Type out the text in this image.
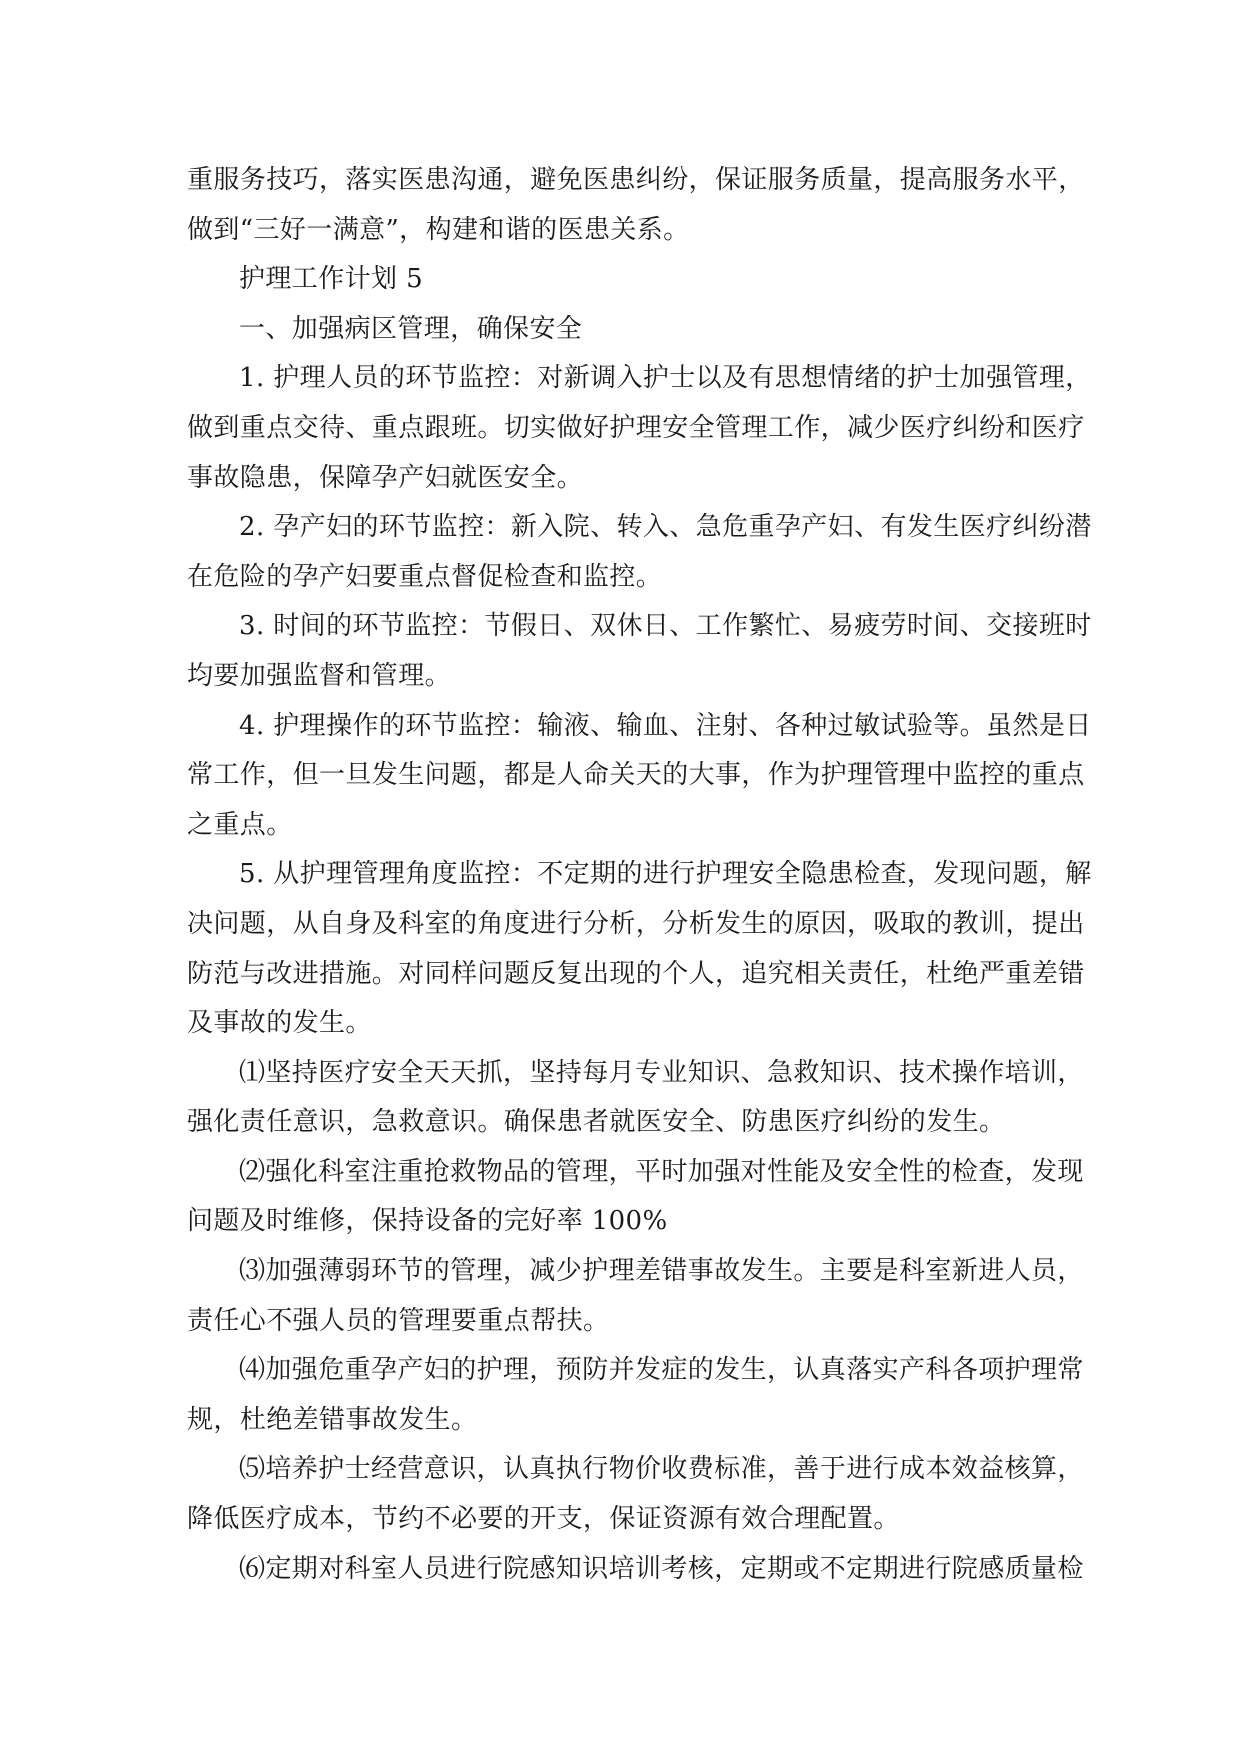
重服务技巧，落实医患沟通，避免医患纠纷，保证服务质量，提高服务水平，
做到“三好一满意”，构建和谐的医患关系。
护理工作计划 5
一、加强病区管理，确保安全
1. 护理人员的环节监控：对新调入护士以及有思想情绪的护士加强管理，
做到重点交待、重点跟班。切实做好护理安全管理工作，减少医疗纠纷和医疗
事故隐患，保障孕产妇就医安全。
2. 孕产妇的环节监控：新入院、转入、急危重孕产妇、有发生医疗纠纷潜
在危险的孕产妇要重点督促检查和监控。
3. 时间的环节监控：节假日、双休日、工作繁忙、易疲劳时间、交接班时
均要加强监督和管理。
4. 护理操作的环节监控：输液、输血、注射、各种过敏试验等。虽然是日
常工作，但一旦发生问题，都是人命关天的大事，作为护理管理中监控的重点
之重点。
5. 从护理管理角度监控：不定期的进行护理安全隐患检查，发现问题，解
决问题，从自身及科室的角度进行分析，分析发生的原因，吸取的教训，提出
防范与改进措施。对同样问题反复出现的个人，追究相关责任，杜绝严重差错
及事故的发生。
⑴坚持医疗安全天天抓，坚持每月专业知识、急救知识、技术操作培训，
强化责任意识，急救意识。确保患者就医安全、防患医疗纠纷的发生。
⑵强化科室注重抢救物品的管理，平时加强对性能及安全性的检查，发现
问题及时维修，保持设备的完好率 100%
⑶加强薄弱环节的管理，减少护理差错事故发生。主要是科室新进人员，
责任心不强人员的管理要重点帮扶。
⑷加强危重孕产妇的护理，预防并发症的发生，认真落实产科各项护理常
规，杜绝差错事故发生。
⑸培养护士经营意识，认真执行物价收费标准，善于进行成本效益核算，
降低医疗成本，节约不必要的开支，保证资源有效合理配置。
⑹定期对科室人员进行院感知识培训考核，定期或不定期进行院感质量检
